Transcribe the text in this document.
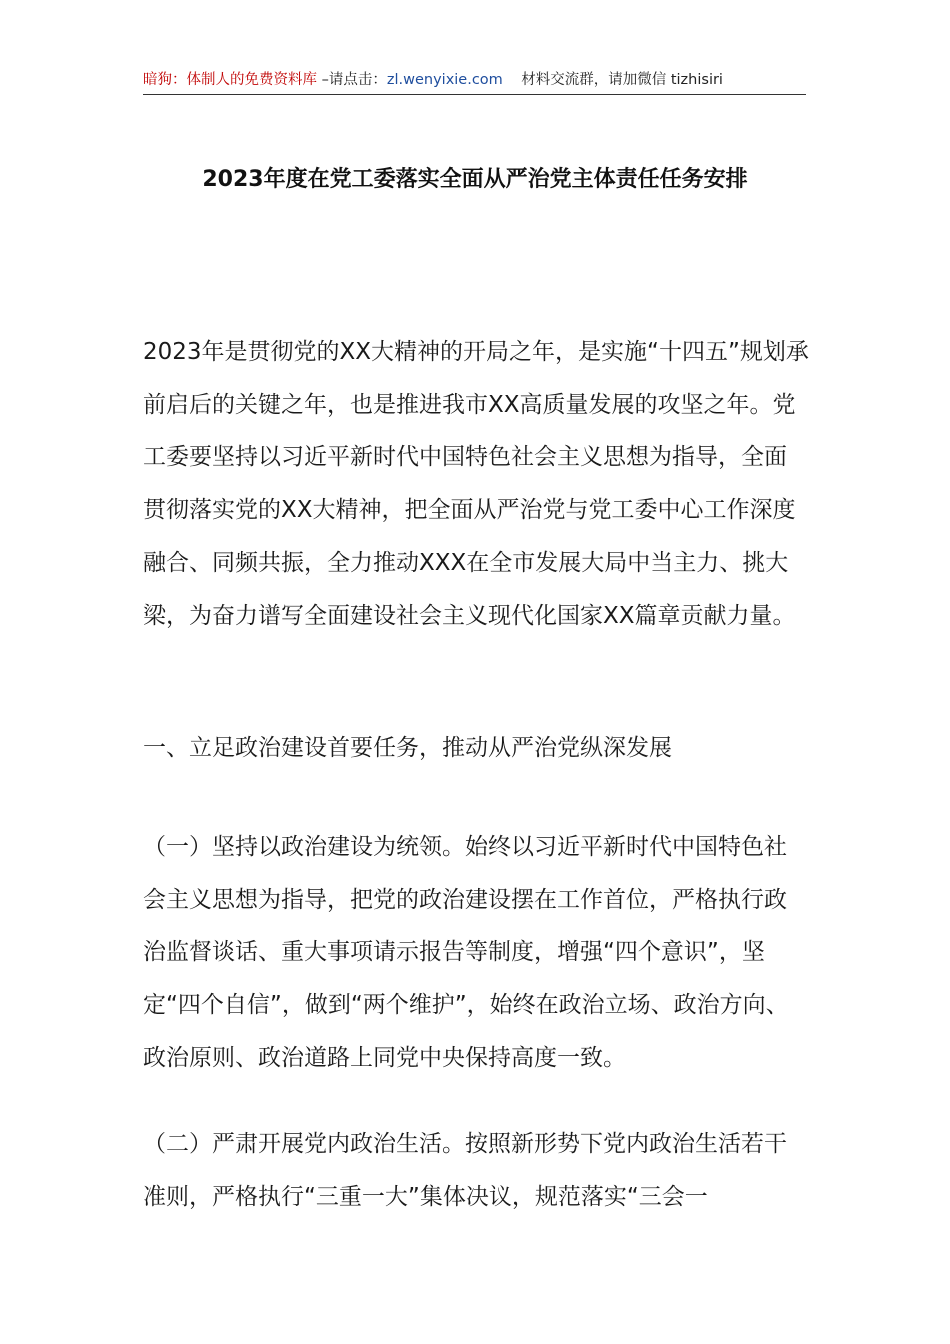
暗狗：体制人的免费资料库 –请点击：zl.wenyixie.com 材料交流群，请加微信 tizhisiri
2023年度在党工委落实全面从严治党主体责任任务安排
2023年是贯彻党的XX大精神的开局之年，是实施“十四五”规划承前启后的关键之年，也是推进我市XX高质量发展的攻坚之年。党工委要坚持以习近平新时代中国特色社会主义思想为指导，全面贯彻落实党的XX大精神，把全面从严治党与党工委中心工作深度融合、同频共振，全力推动XXX在全市发展大局中当主力、挑大梁，为奋力谱写全面建设社会主义现代化国家XX篇章贡献力量。
一、立足政治建设首要任务，推动从严治党纵深发展
（一）坚持以政治建设为统领。始终以习近平新时代中国特色社会主义思想为指导，把党的政治建设摆在工作首位，严格执行政治监督谈话、重大事项请示报告等制度，增强“四个意识”，坚定“四个自信”，做到“两个维护”，始终在政治立场、政治方向、政治原则、政治道路上同党中央保持高度一致。
（二）严肃开展党内政治生活。按照新形势下党内政治生活若干准则，严格执行“三重一大”集体决议，规范落实“三会一
